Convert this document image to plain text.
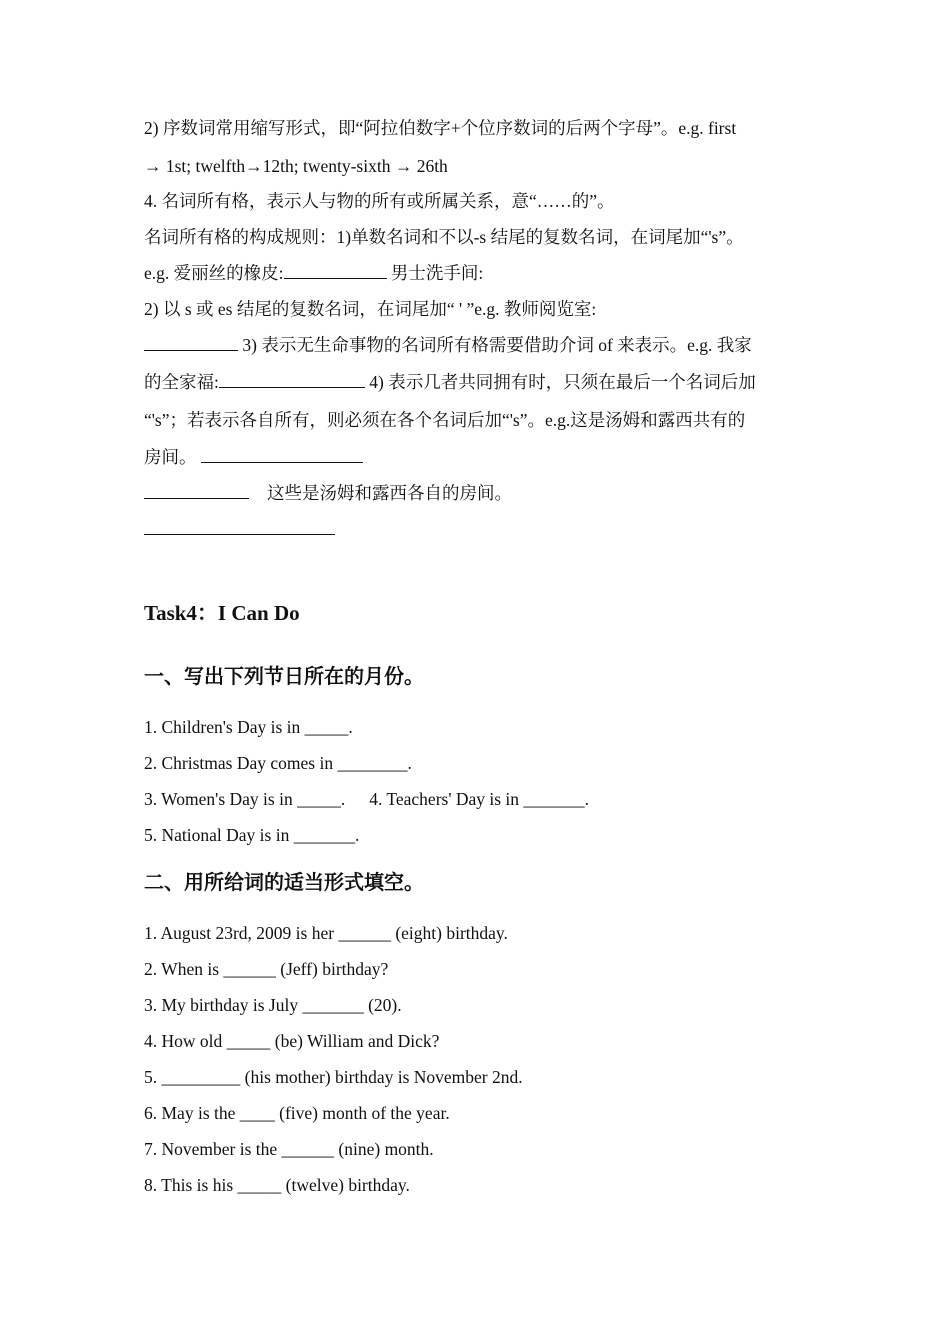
2) 序数词常用缩写形式，即“阿拉伯数字+个位序数词的后两个字母”。e.g. first
→ 1st; twelfth→12th; twenty-sixth → 26th
4. 名词所有格，表示人与物的所有或所属关系，意“……的”。
名词所有格的构成规则：1)单数名词和不以-s 结尾的复数名词，在词尾加“'s”。
e.g. 爱丽丝的橡皮:	男士洗手间:
2) 以 s 或 es 结尾的复数名词，在词尾加“ ' ”e.g. 教师阅览室:
3) 表示无生命事物的名词所有格需要借助介词 of 来表示。e.g. 我家
的全家福:	4) 表示几者共同拥有时，只须在最后一个名词后加
“'s”；若表示各自所有，则必须在各个名词后加“'s”。e.g.这是汤姆和露西共有的
房间。
这些是汤姆和露西各自的房间。
Task4：I Can Do
一、写出下列节日所在的月份。
1. Children's Day is in _____.
2. Christmas Day comes in ________.
3. Women's Day is in _____. 4. Teachers' Day is in _______.
5. National Day is in _______.
二、用所给词的适当形式填空。
1. August 23rd, 2009 is her ______ (eight) birthday.
2. When is ______ (Jeff) birthday?
3. My birthday is July _______ (20).
4. How old _____ (be) William and Dick?
5. _________ (his mother) birthday is November 2nd.
6. May is the ____ (five) month of the year.
7. November is the ______ (nine) month.
8. This is his _____ (twelve) birthday.
